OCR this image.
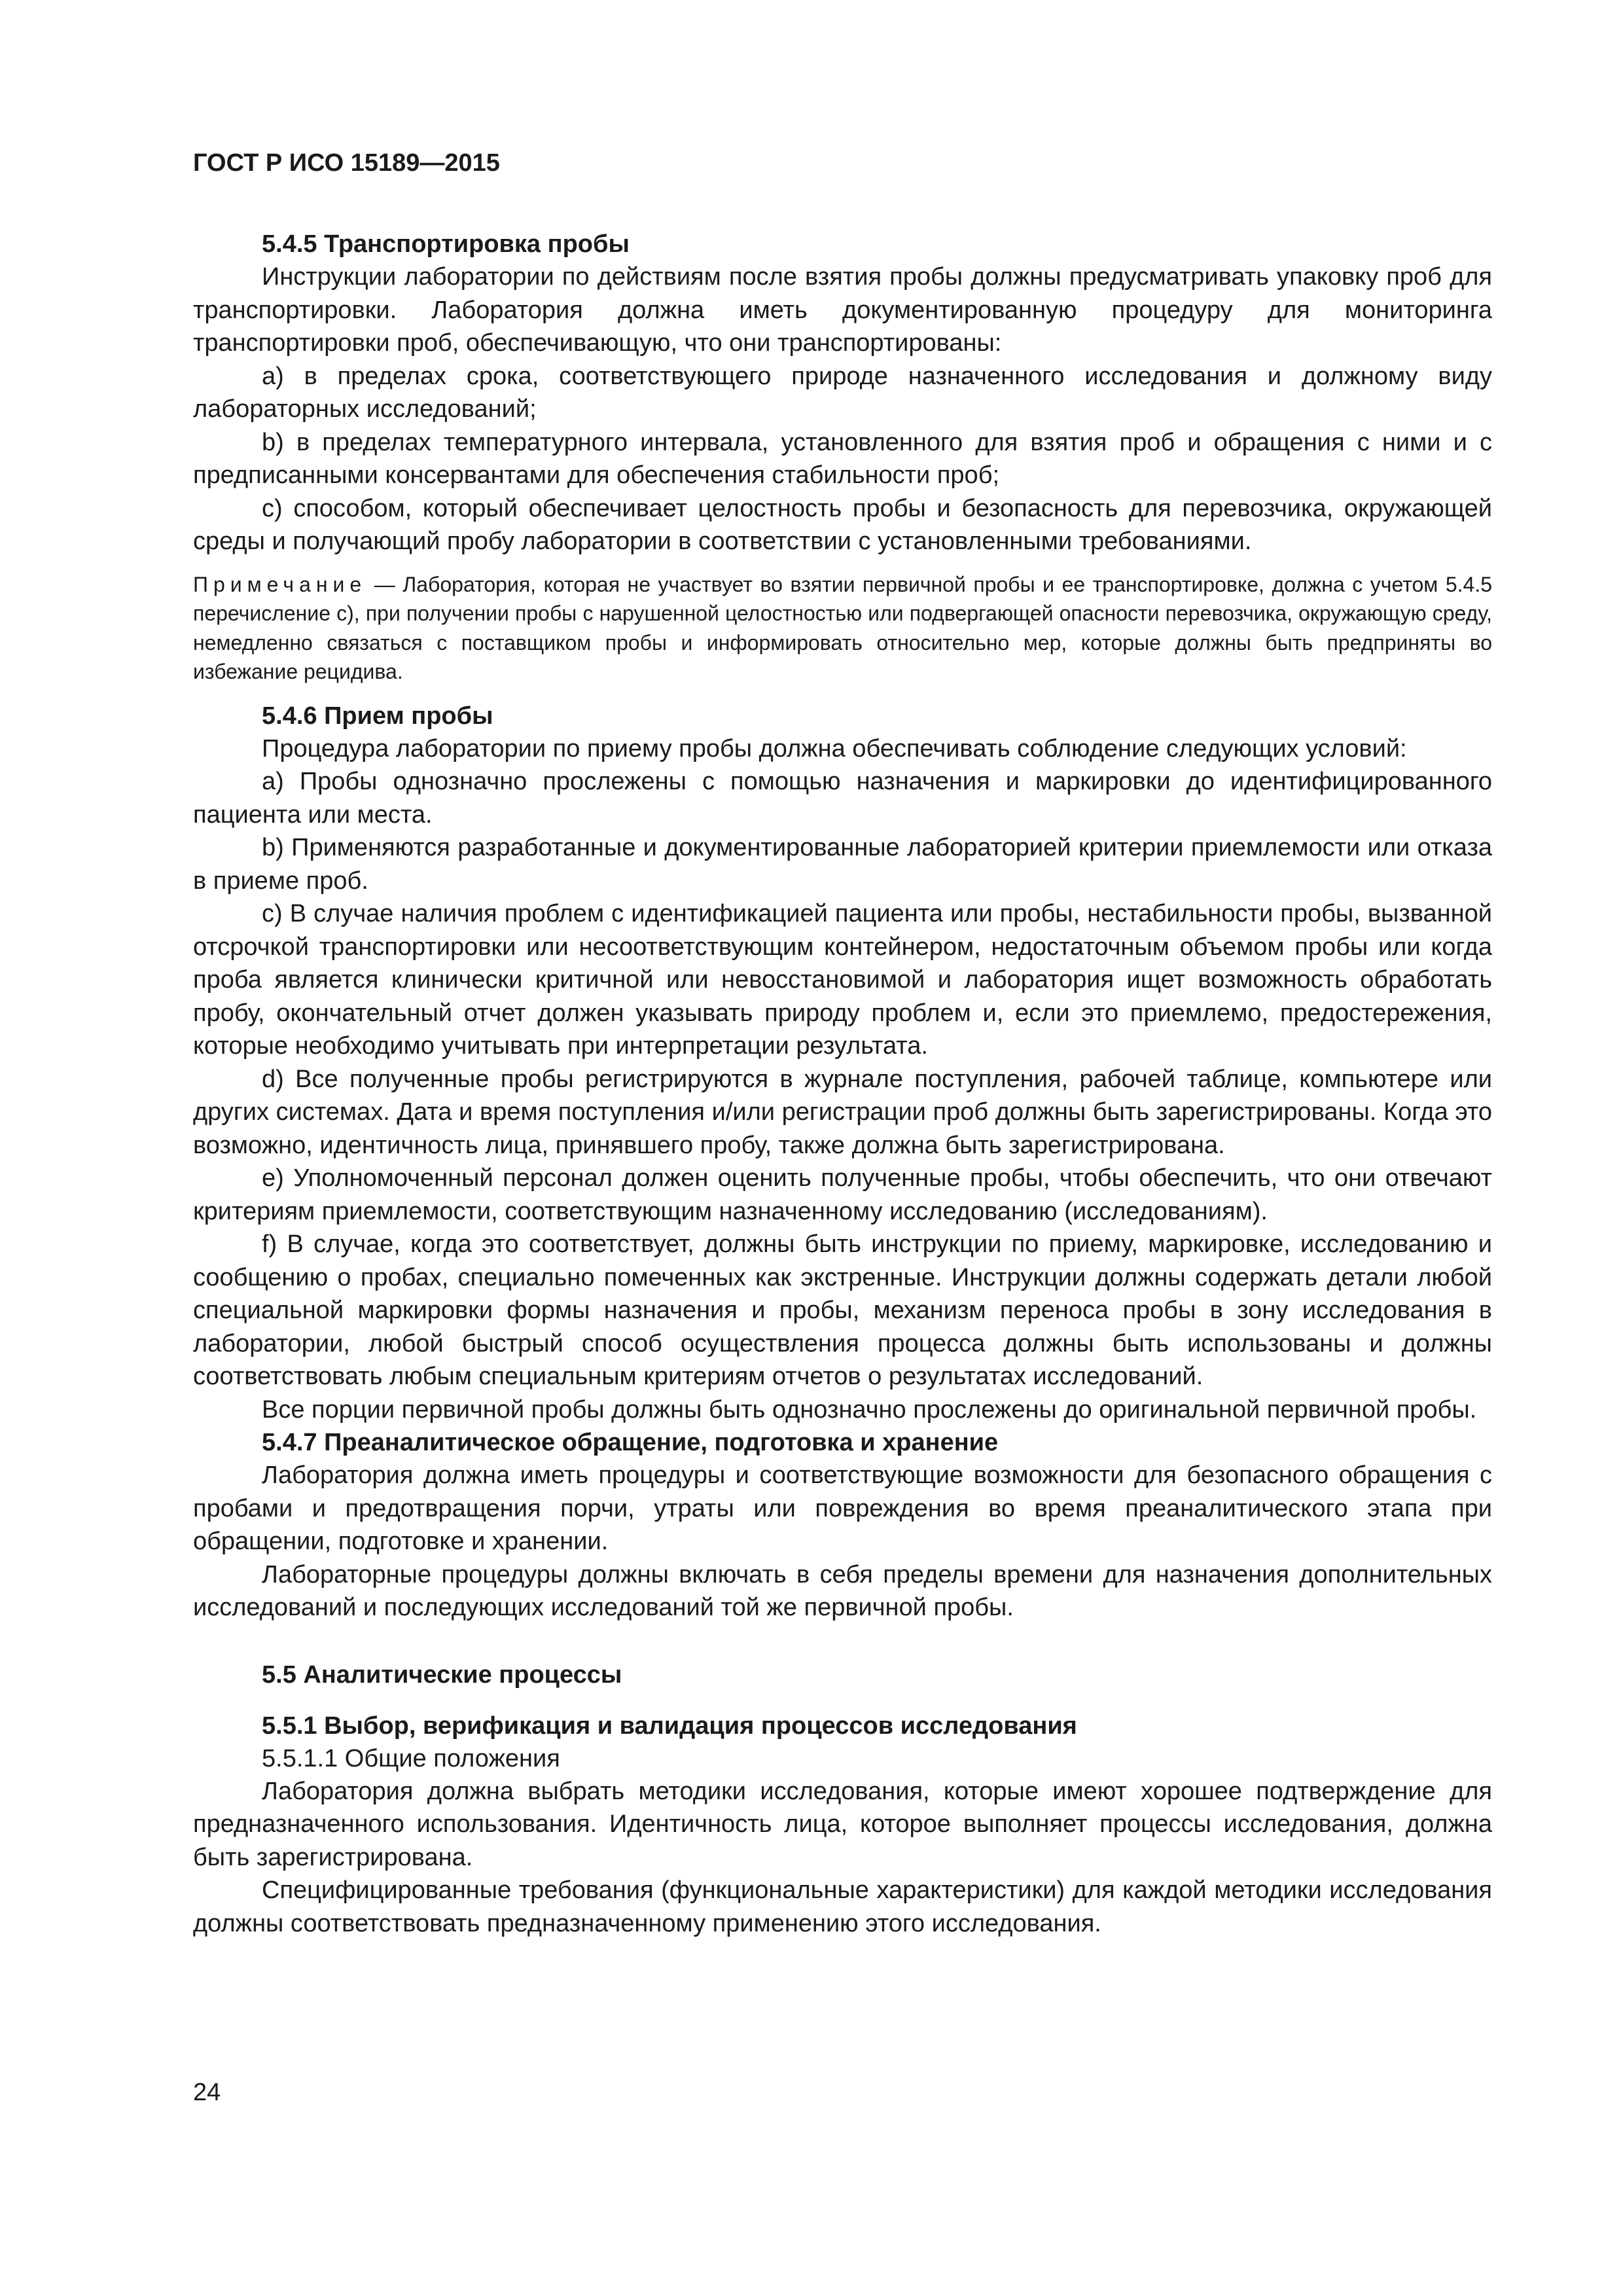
ГОСТ Р ИСО 15189—2015

5.4.5 Транспортировка пробы

Инструкции лаборатории по действиям после взятия пробы должны предусматривать упаковку проб для транспортировки. Лаборатория должна иметь документированную процедуру для мониторинга транспортировки проб, обеспечивающую, что они транспортированы:

a) в пределах срока, соответствующего природе назначенного исследования и должному виду лабораторных исследований;

b) в пределах температурного интервала, установленного для взятия проб и обращения с ними и с предписанными консервантами для обеспечения стабильности проб;

c) способом, который обеспечивает целостность пробы и безопасность для перевозчика, окружающей среды и получающий пробу лаборатории в соответствии с установленными требованиями.

Примечание — Лаборатория, которая не участвует во взятии первичной пробы и ее транспортировке, должна с учетом 5.4.5 перечисление с), при получении пробы с нарушенной целостностью или подвергающей опасности перевозчика, окружающую среду, немедленно связаться с поставщиком пробы и информировать относительно мер, которые должны быть предприняты во избежание рецидива.

5.4.6 Прием пробы

Процедура лаборатории по приему пробы должна обеспечивать соблюдение следующих условий:

a) Пробы однозначно прослежены с помощью назначения и маркировки до идентифицированного пациента или места.

b) Применяются разработанные и документированные лабораторией критерии приемлемости или отказа в приеме проб.

c) В случае наличия проблем с идентификацией пациента или пробы, нестабильности пробы, вызванной отсрочкой транспортировки или несоответствующим контейнером, недостаточным объемом пробы или когда проба является клинически критичной или невосстановимой и лаборатория ищет возможность обработать пробу, окончательный отчет должен указывать природу проблем и, если это приемлемо, предостережения, которые необходимо учитывать при интерпретации результата.

d) Все полученные пробы регистрируются в журнале поступления, рабочей таблице, компьютере или других системах. Дата и время поступления и/или регистрации проб должны быть зарегистрированы. Когда это возможно, идентичность лица, принявшего пробу, также должна быть зарегистрирована.

e) Уполномоченный персонал должен оценить полученные пробы, чтобы обеспечить, что они отвечают критериям приемлемости, соответствующим назначенному исследованию (исследованиям).

f) В случае, когда это соответствует, должны быть инструкции по приему, маркировке, исследованию и сообщению о пробах, специально помеченных как экстренные. Инструкции должны содержать детали любой специальной маркировки формы назначения и пробы, механизм переноса пробы в зону исследования в лаборатории, любой быстрый способ осуществления процесса должны быть использованы и должны соответствовать любым специальным критериям отчетов о результатах исследований.

Все порции первичной пробы должны быть однозначно прослежены до оригинальной первичной пробы.

5.4.7 Преаналитическое обращение, подготовка и хранение

Лаборатория должна иметь процедуры и соответствующие возможности для безопасного обращения с пробами и предотвращения порчи, утраты или повреждения во время преаналитического этапа при обращении, подготовке и хранении.

Лабораторные процедуры должны включать в себя пределы времени для назначения дополнительных исследований и последующих исследований той же первичной пробы.

5.5 Аналитические процессы

5.5.1 Выбор, верификация и валидация процессов исследования

5.5.1.1 Общие положения

Лаборатория должна выбрать методики исследования, которые имеют хорошее подтверждение для предназначенного использования. Идентичность лица, которое выполняет процессы исследования, должна быть зарегистрирована.

Специфицированные требования (функциональные характеристики) для каждой методики исследования должны соответствовать предназначенному применению этого исследования.

24
